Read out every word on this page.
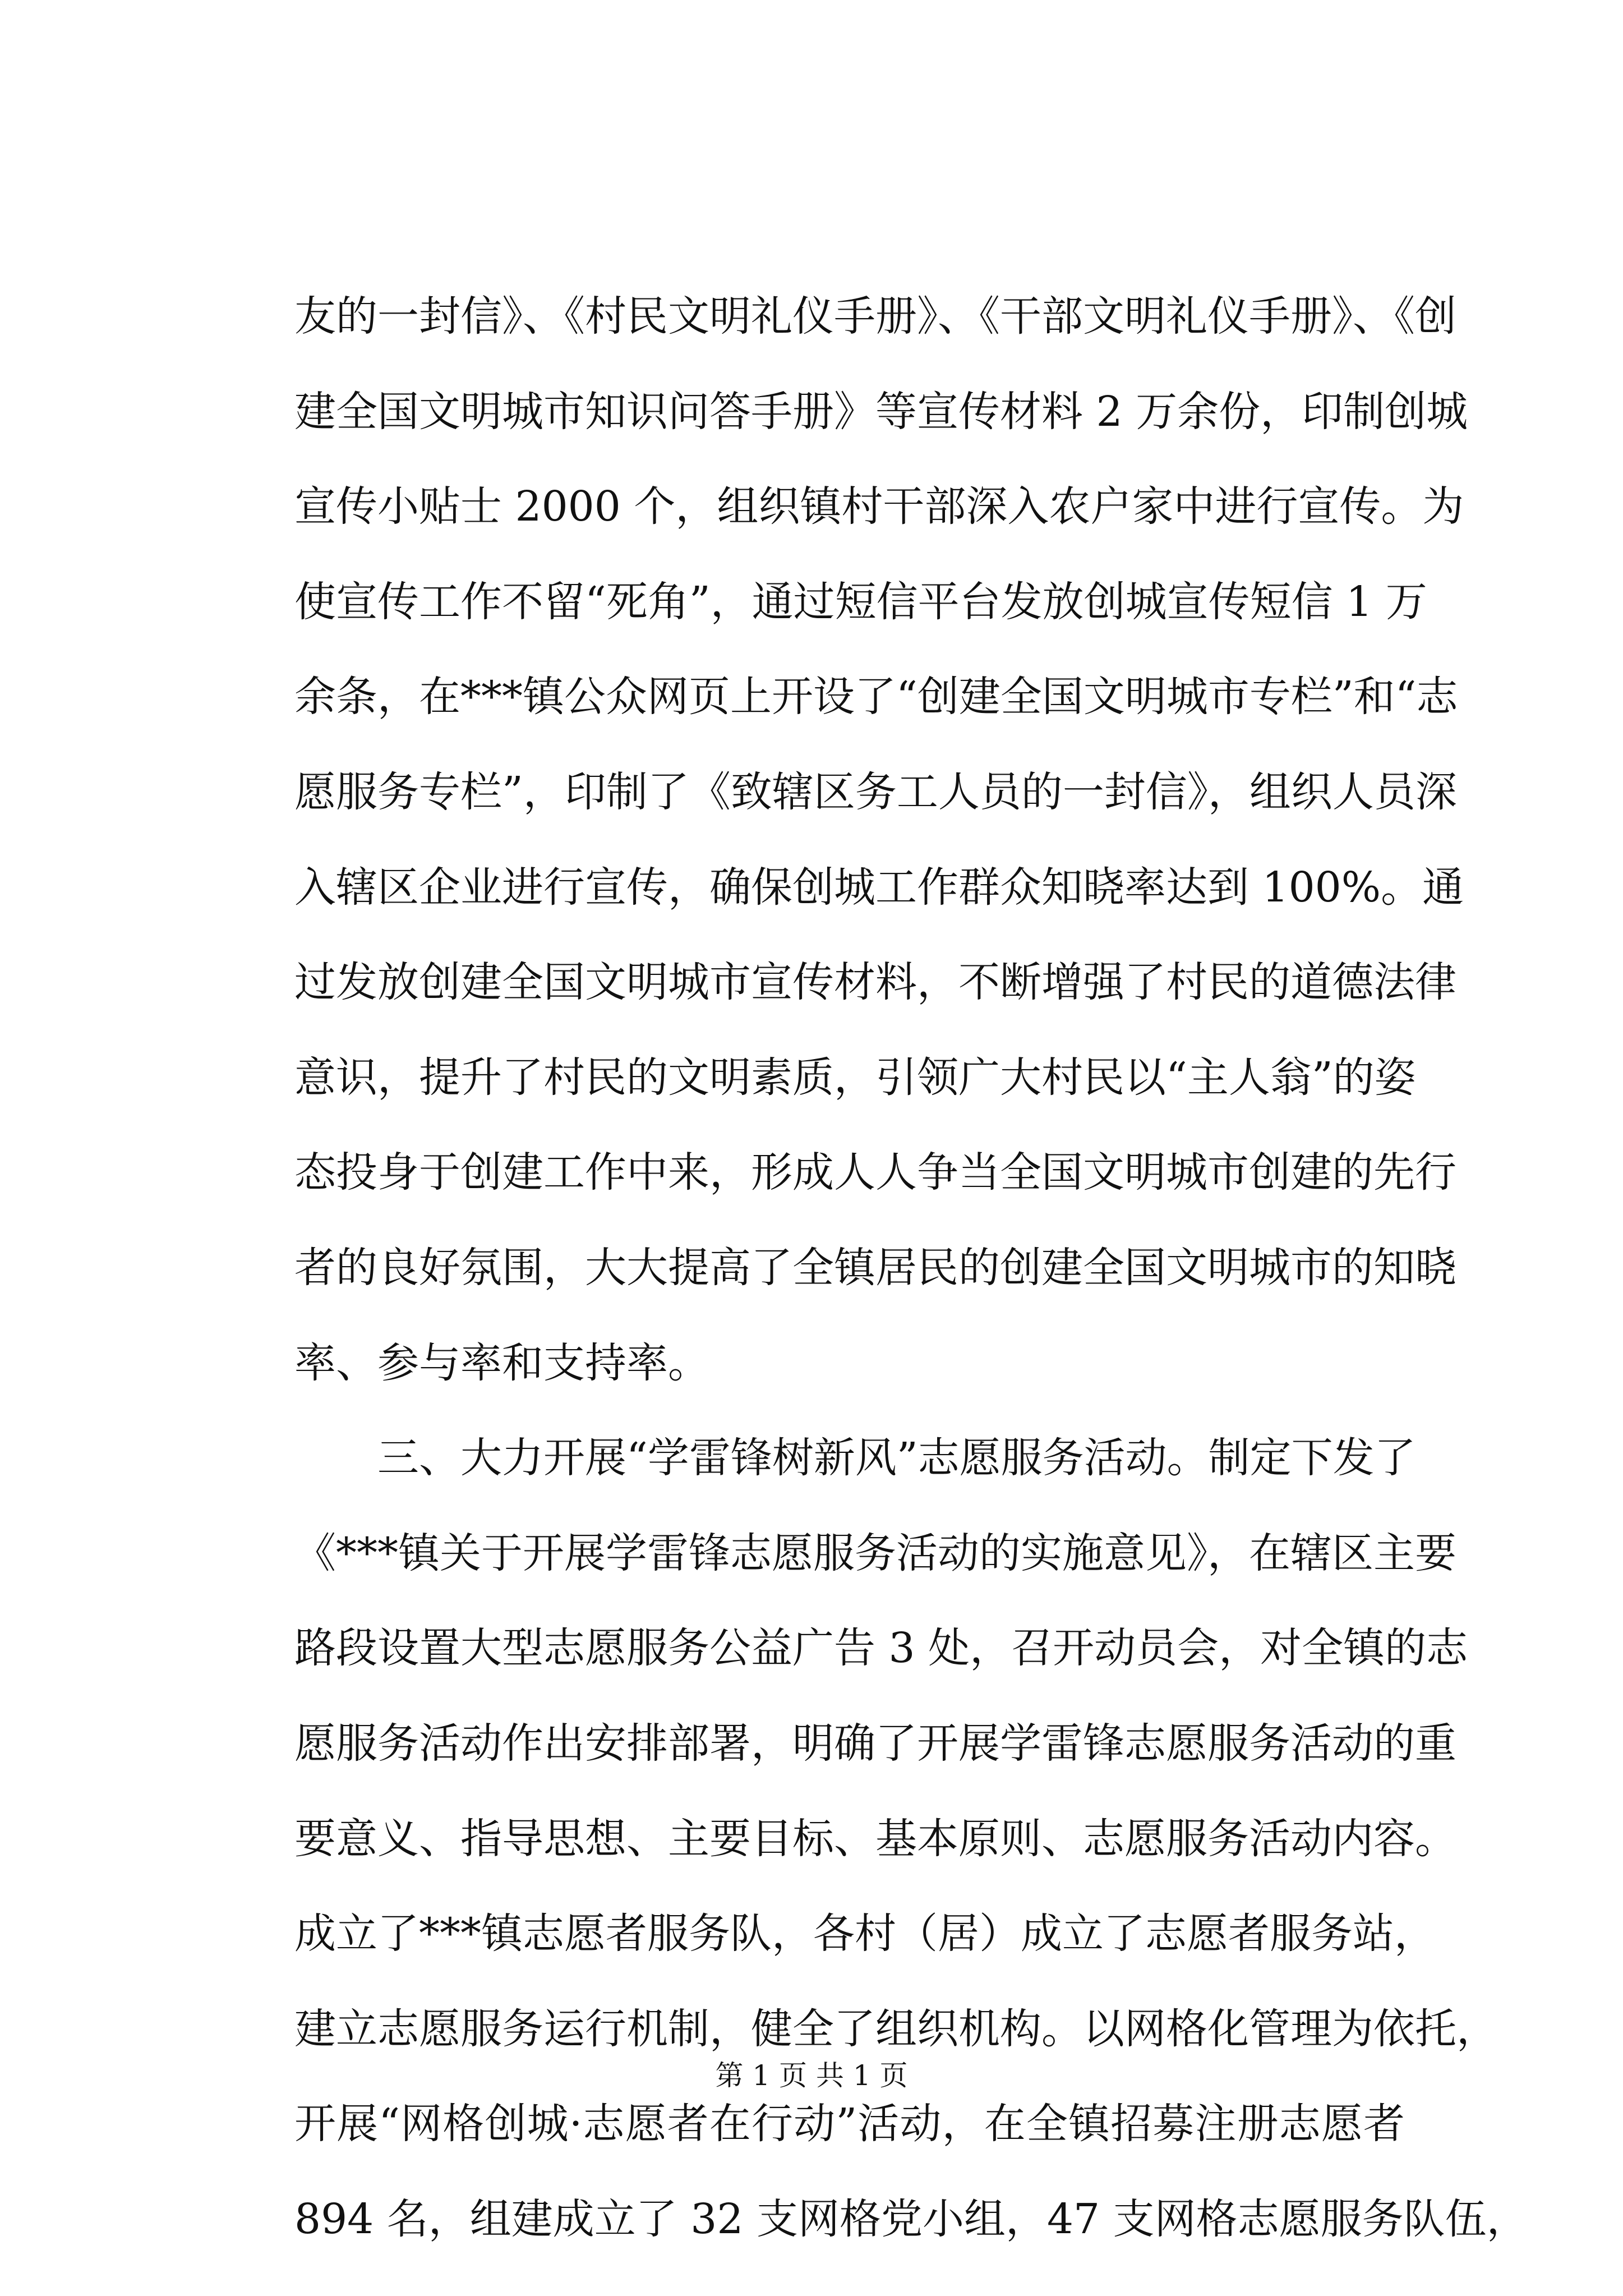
友的一封信》、《村民文明礼仪手册》、《干部文明礼仪手册》、《创
建全国文明城市知识问答手册》等宣传材料 2 万余份，印制创城
宣传小贴士 2000 个，组织镇村干部深入农户家中进行宣传。为
使宣传工作不留“死角”，通过短信平台发放创城宣传短信 1 万
余条，在***镇公众网页上开设了“创建全国文明城市专栏”和“志
愿服务专栏”，印制了《致辖区务工人员的一封信》，组织人员深
入辖区企业进行宣传，确保创城工作群众知晓率达到 100%。通
过发放创建全国文明城市宣传材料，不断增强了村民的道德法律
意识，提升了村民的文明素质，引领广大村民以“主人翁”的姿
态投身于创建工作中来，形成人人争当全国文明城市创建的先行
者的良好氛围，大大提高了全镇居民的创建全国文明城市的知晓
率、参与率和支持率。
三、大力开展“学雷锋树新风”志愿服务活动。制定下发了
《***镇关于开展学雷锋志愿服务活动的实施意见》，在辖区主要
路段设置大型志愿服务公益广告 3 处，召开动员会，对全镇的志
愿服务活动作出安排部署，明确了开展学雷锋志愿服务活动的重
要意义、指导思想、主要目标、基本原则、志愿服务活动内容。
成立了***镇志愿者服务队，各村（居）成立了志愿者服务站，
建立志愿服务运行机制，健全了组织机构。以网格化管理为依托，
开展“网格创城·志愿者在行动”活动，在全镇招募注册志愿者
894 名，组建成立了 32 支网格党小组，47 支网格志愿服务队伍，
第 1 页 共 1 页
